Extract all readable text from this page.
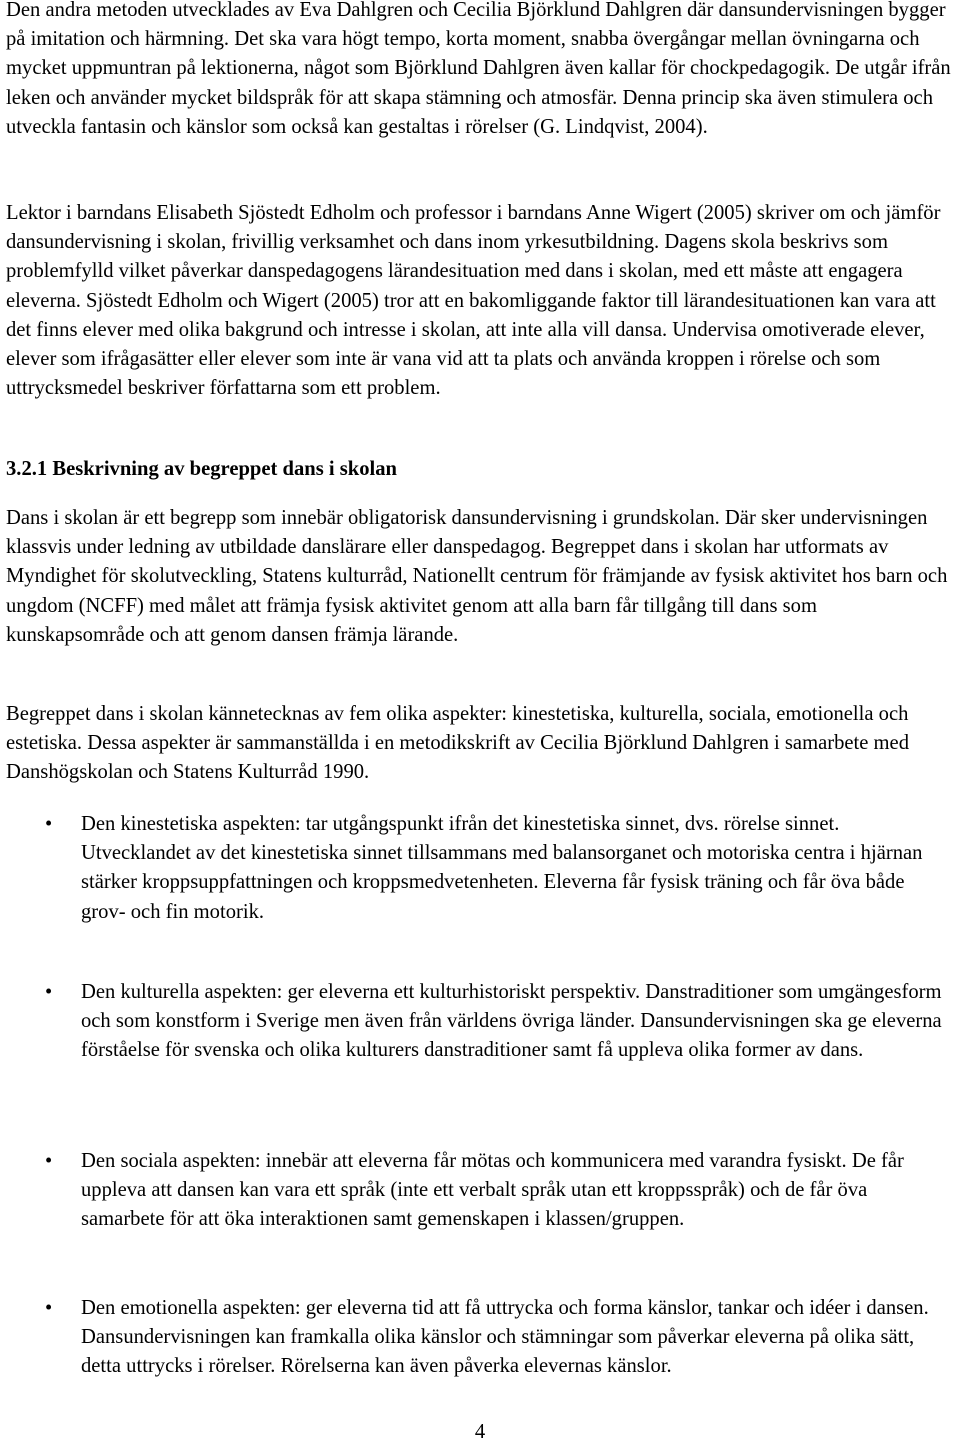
Den andra metoden utvecklades av Eva Dahlgren och Cecilia Björklund Dahlgren där dansundervisningen bygger på imitation och härmning. Det ska vara högt tempo, korta moment, snabba övergångar mellan övningarna och mycket uppmuntran på lektionerna, något som Björklund Dahlgren även kallar för chockpedagogik. De utgår ifrån leken och använder mycket bildspråk för att skapa stämning och atmosfär. Denna princip ska även stimulera och utveckla fantasin och känslor som också kan gestaltas i rörelser (G. Lindqvist, 2004).

Lektor i barndans Elisabeth Sjöstedt Edholm och professor i barndans Anne Wigert (2005) skriver om och jämför dansundervisning i skolan, frivillig verksamhet och dans inom yrkesutbildning. Dagens skola beskrivs som problemfylld vilket påverkar danspedagogens lärandesituation med dans i skolan, med ett måste att engagera eleverna. Sjöstedt Edholm och Wigert (2005) tror att en bakomliggande faktor till lärandesituationen kan vara att det finns elever med olika bakgrund och intresse i skolan, att inte alla vill dansa. Undervisa omotiverade elever, elever som ifrågasätter eller elever som inte är vana vid att ta plats och använda kroppen i rörelse och som uttrycksmedel beskriver författarna som ett problem.

3.2.1 Beskrivning av begreppet dans i skolan

Dans i skolan är ett begrepp som innebär obligatorisk dansundervisning i grundskolan. Där sker undervisningen klassvis under ledning av utbildade danslärare eller danspedagog. Begreppet dans i skolan har utformats av Myndighet för skolutveckling, Statens kulturråd, Nationellt centrum för främjande av fysisk aktivitet hos barn och ungdom (NCFF) med målet att främja fysisk aktivitet genom att alla barn får tillgång till dans som kunskapsområde och att genom dansen främja lärande.

Begreppet dans i skolan kännetecknas av fem olika aspekter: kinestetiska, kulturella, sociala, emotionella och estetiska. Dessa aspekter är sammanställda i en metodikskrift av Cecilia Björklund Dahlgren i samarbete med Danshögskolan och Statens Kulturråd 1990.

• Den kinestetiska aspekten: tar utgångspunkt ifrån det kinestetiska sinnet, dvs. rörelse sinnet. Utvecklandet av det kinestetiska sinnet tillsammans med balansorganet och motoriska centra i hjärnan stärker kroppsuppfattningen och kroppsmedvetenheten. Eleverna får fysisk träning och får öva både grov- och fin motorik.

• Den kulturella aspekten: ger eleverna ett kulturhistoriskt perspektiv. Danstraditioner som umgängesform och som konstform i Sverige men även från världens övriga länder. Dansundervisningen ska ge eleverna förståelse för svenska och olika kulturers danstraditioner samt få uppleva olika former av dans.

• Den sociala aspekten: innebär att eleverna får mötas och kommunicera med varandra fysiskt. De får uppleva att dansen kan vara ett språk (inte ett verbalt språk utan ett kroppsspråk) och de får öva samarbete för att öka interaktionen samt gemenskapen i klassen/gruppen.

• Den emotionella aspekten: ger eleverna tid att få uttrycka och forma känslor, tankar och idéer i dansen. Dansundervisningen kan framkalla olika känslor och stämningar som påverkar eleverna på olika sätt, detta uttrycks i rörelser. Rörelserna kan även påverka elevernas känslor.

4
